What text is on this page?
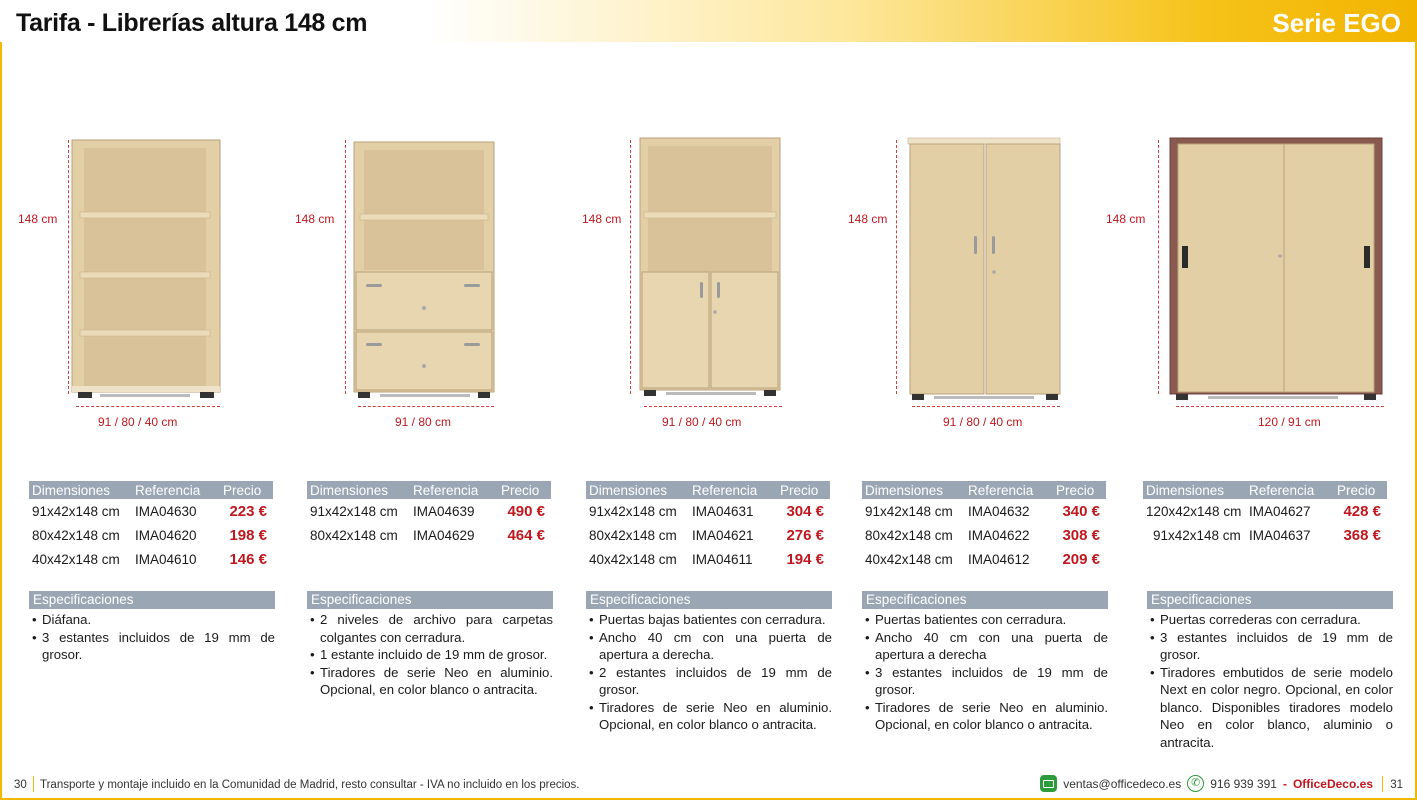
Tarifa - Librerías altura 148 cm	Serie EGO
148 cm
91 / 80 / 40 cm
148 cm
91 / 80 cm
148 cm
91 / 80 / 40 cm
148 cm
91 / 80 / 40 cm
148 cm
120 / 91 cm
Dimensiones	Referencia	Precio
91x42x148 cm	IMA04630	223 €
80x42x148 cm	IMA04620	198 €
40x42x148 cm	IMA04610	146 €
Dimensiones	Referencia	Precio
91x42x148 cm	IMA04639	490 €
80x42x148 cm	IMA04629	464 €
Dimensiones	Referencia	Precio
91x42x148 cm	IMA04631	304 €
80x42x148 cm	IMA04621	276 €
40x42x148 cm	IMA04611	194 €
Dimensiones	Referencia	Precio
91x42x148 cm	IMA04632	340 €
80x42x148 cm	IMA04622	308 €
40x42x148 cm	IMA04612	209 €
Dimensiones	Referencia	Precio
120x42x148 cm IMA04627	428 €
91x42x148 cm IMA04637	368 €
Especificaciones
• Diáfana.
• 3 estantes incluidos de 19 mm de grosor.
Especificaciones
• 2 niveles de archivo para carpetas colgantes con cerradura.
• 1 estante incluido de 19 mm de grosor.
• Tiradores de serie Neo en aluminio. Opcional, en color blanco o antracita.
Especificaciones
• Puertas bajas batientes con cerradura.
• Ancho 40 cm con una puerta de apertura a derecha.
• 2 estantes incluidos de 19 mm de grosor.
• Tiradores de serie Neo en aluminio. Opcional, en color blanco o antracita.
Especificaciones
• Puertas batientes con cerradura.
• Ancho 40 cm con una puerta de apertura a derecha
• 3 estantes incluidos de 19 mm de grosor.
• Tiradores de serie Neo en aluminio. Opcional, en color blanco o antracita.
Especificaciones
• Puertas correderas con cerradura.
• 3 estantes incluidos de 19 mm de grosor.
• Tiradores embutidos de serie modelo Next en color negro. Opcional, en color blanco. Disponibles tiradores modelo Neo en color blanco, aluminio o antracita.
30 Transporte y montaje incluido en la Comunidad de Madrid, resto consultar - IVA no incluido en los precios.	ventas@officedeco.es ✆ 916 939 391 - OfficeDeco.es 31
